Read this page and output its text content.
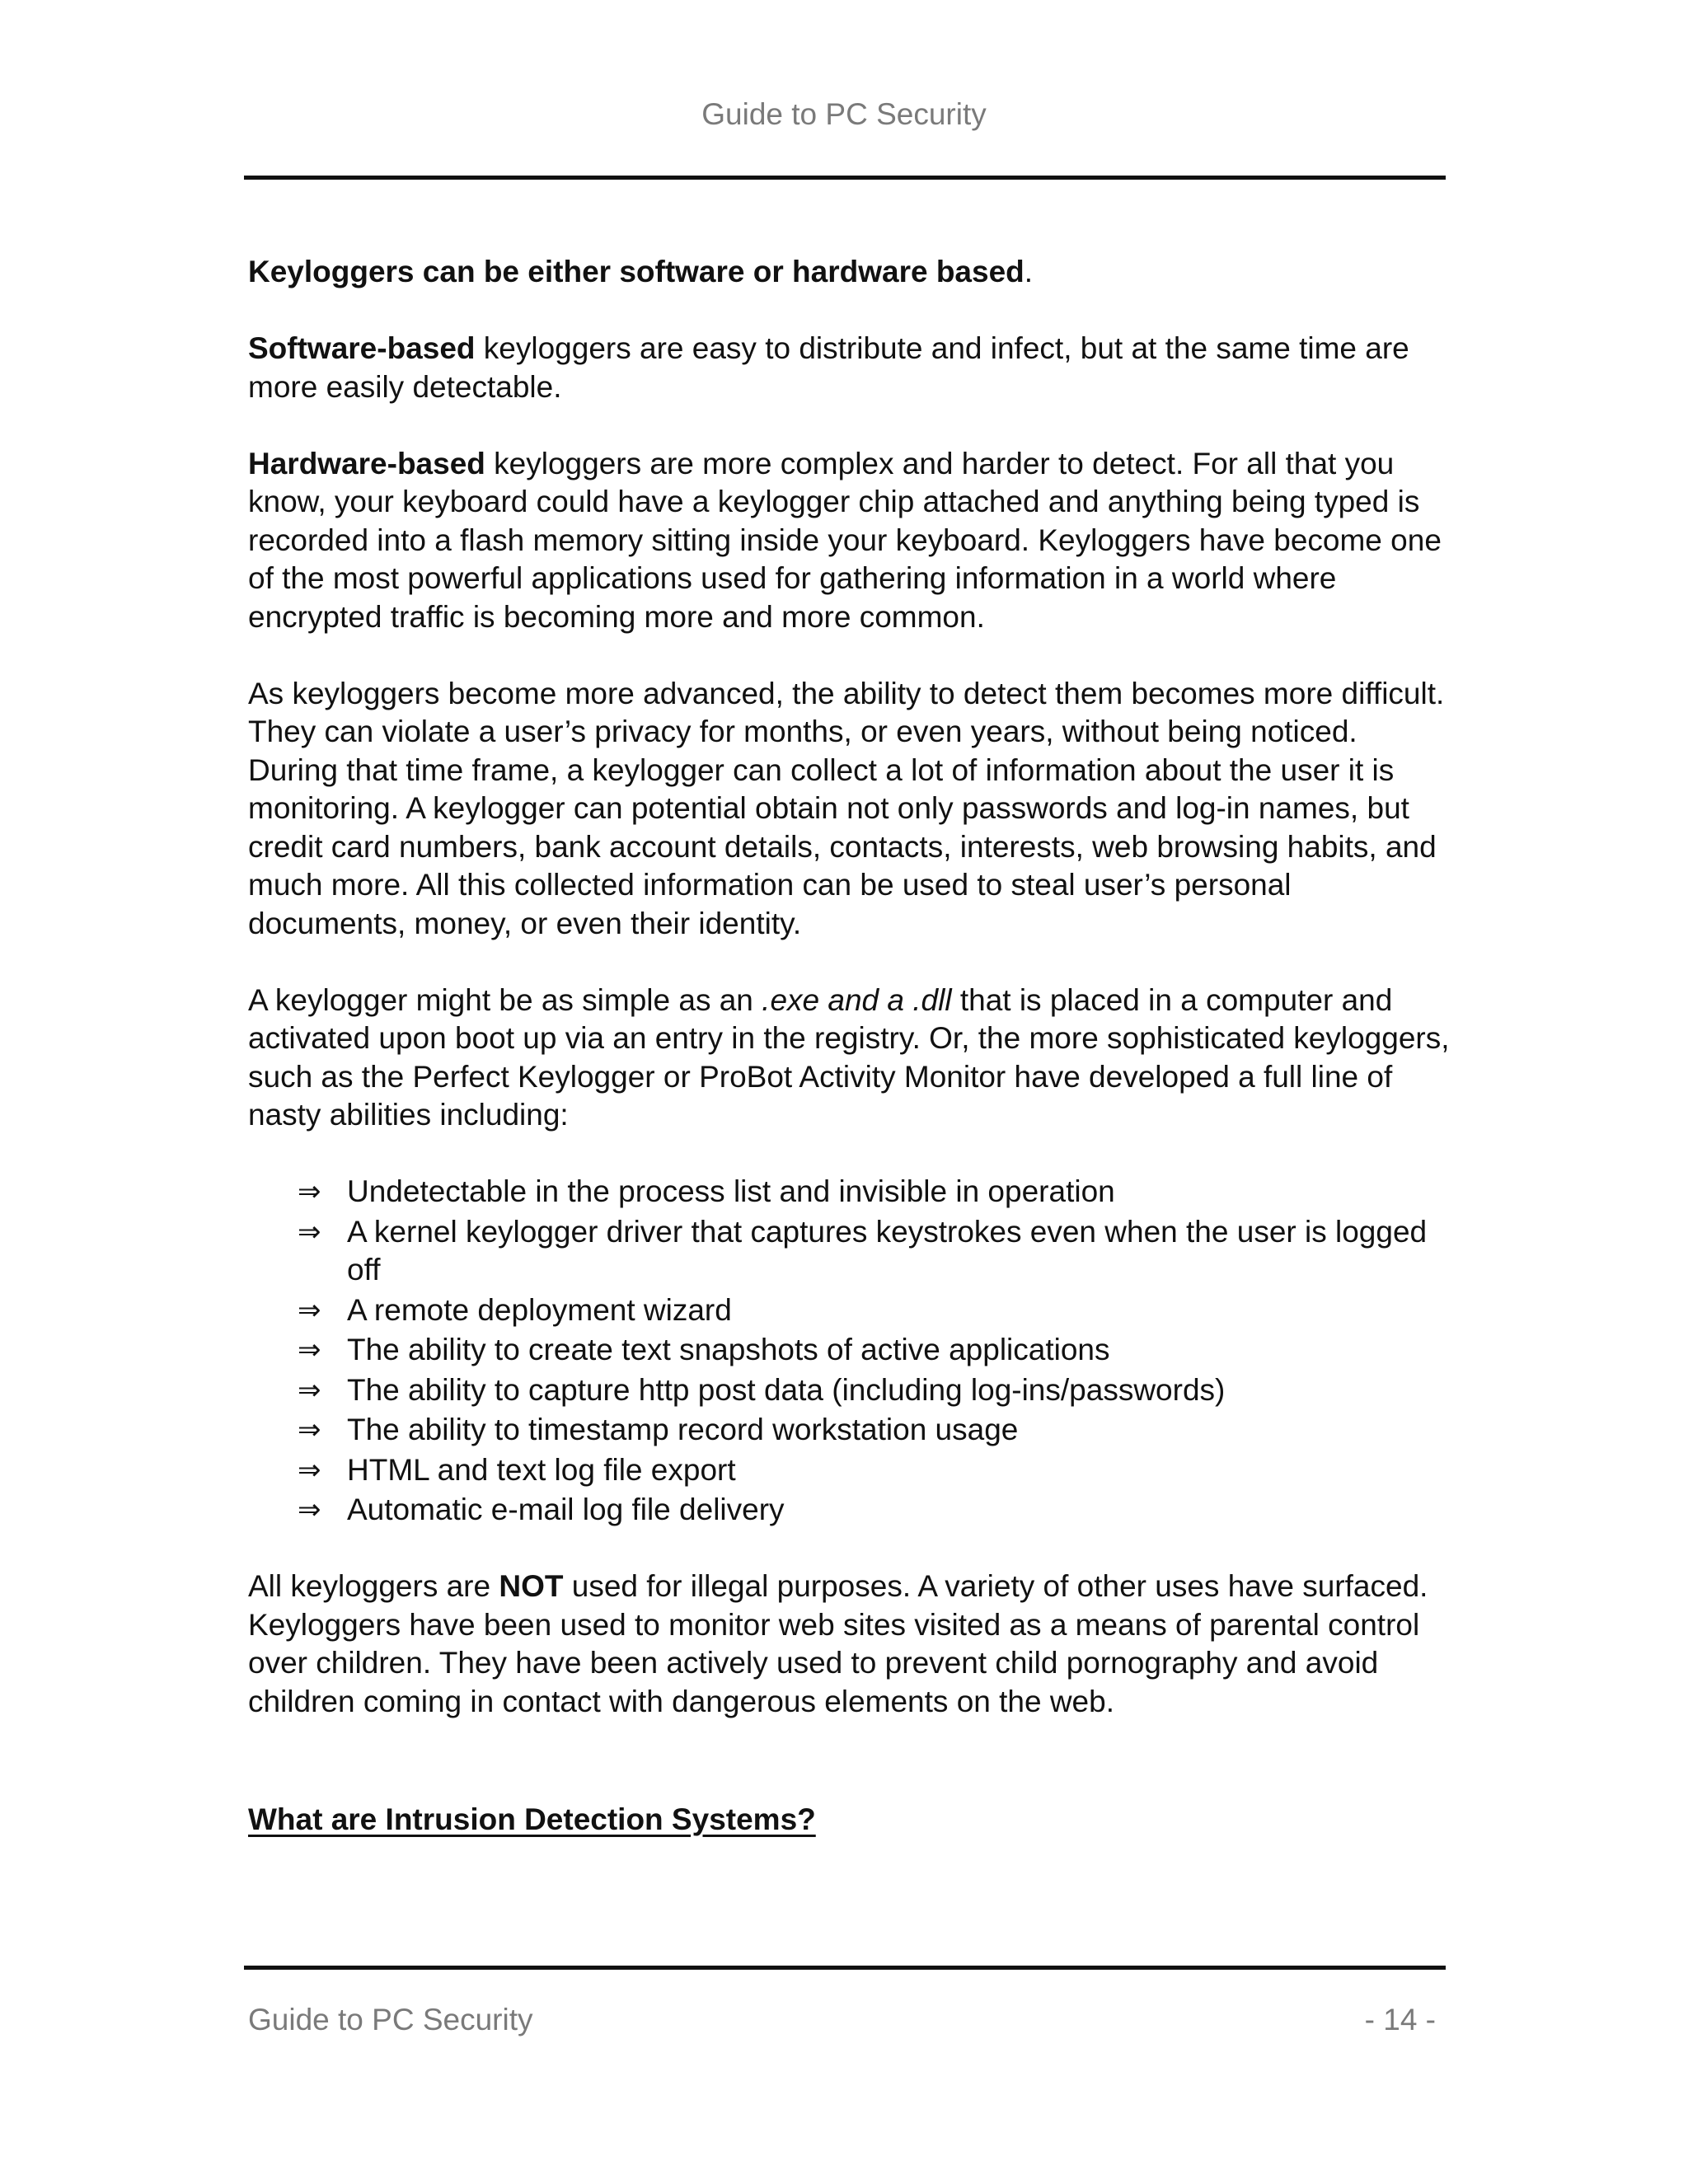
Guide to PC Security

Keyloggers can be either software or hardware based.

Software-based keyloggers are easy to distribute and infect, but at the same time are more easily detectable.

Hardware-based keyloggers are more complex and harder to detect. For all that you know, your keyboard could have a keylogger chip attached and anything being typed is recorded into a flash memory sitting inside your keyboard. Keyloggers have become one of the most powerful applications used for gathering information in a world where encrypted traffic is becoming more and more common.

As keyloggers become more advanced, the ability to detect them becomes more difficult. They can violate a user’s privacy for months, or even years, without being noticed. During that time frame, a keylogger can collect a lot of information about the user it is monitoring. A keylogger can potential obtain not only passwords and log-in names, but credit card numbers, bank account details, contacts, interests, web browsing habits, and much more. All this collected information can be used to steal user’s personal documents, money, or even their identity.

A keylogger might be as simple as an .exe and a .dll that is placed in a computer and activated upon boot up via an entry in the registry. Or, the more sophisticated keyloggers, such as the Perfect Keylogger or ProBot Activity Monitor have developed a full line of nasty abilities including:

⇒ Undetectable in the process list and invisible in operation
⇒ A kernel keylogger driver that captures keystrokes even when the user is logged off
⇒ A remote deployment wizard
⇒ The ability to create text snapshots of active applications
⇒ The ability to capture http post data (including log-ins/passwords)
⇒ The ability to timestamp record workstation usage
⇒ HTML and text log file export
⇒ Automatic e-mail log file delivery

All keyloggers are NOT used for illegal purposes. A variety of other uses have surfaced. Keyloggers have been used to monitor web sites visited as a means of parental control over children. They have been actively used to prevent child pornography and avoid children coming in contact with dangerous elements on the web.

What are Intrusion Detection Systems?
Guide to PC Security	- 14 -
